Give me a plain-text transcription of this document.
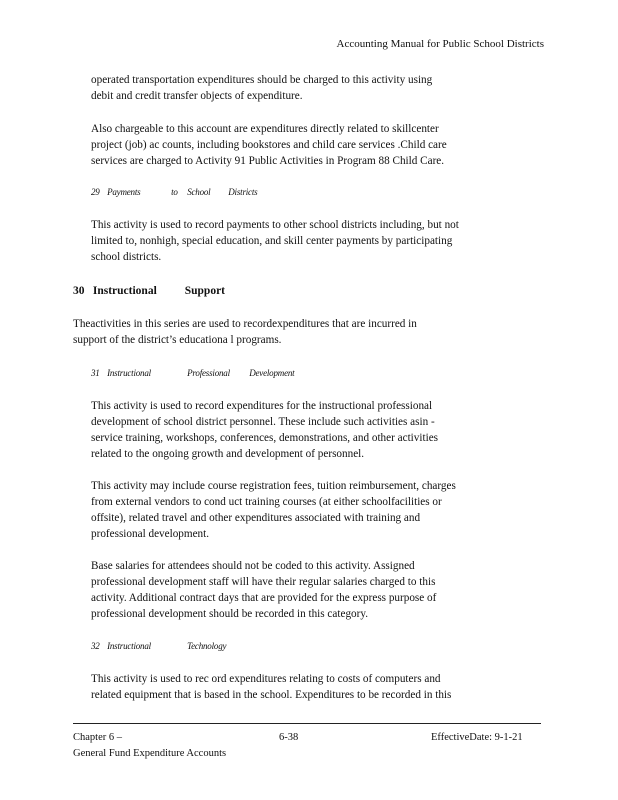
Accounting Manual for Public School Districts
operated transportation expenditures should be charged to this activity using
debit and credit transfer objects of expenditure.
Also chargeable to this account are expenditures directly related to skillcenter
project (job) ac counts, including bookstores and child care services .Child care
services are charged to Activity 91 Public Activities in Program 88 Child Care.
29 Payments	to School Districts
This activity is used to record payments to other school districts including, but not
limited to, nonhigh, special education, and skill center payments by participating
school districts.
30 Instructional Support
Theactivities in this series are used to recordexpenditures that are incurred in
support of the district’s educationa l programs.
31 Instructional	Professional Development
This activity is used to record expenditures for the instructional professional
development of school district personnel. These include such activities asin -
service training, workshops, conferences, demonstrations, and other activities
related to the ongoing growth and development of personnel.
This activity may include course registration fees, tuition reimbursement, charges
from external vendors to cond uct training courses (at either schoolfacilities or
offsite), related travel and other expenditures associated with training and
professional development.
Base salaries for attendees should not be coded to this activity. Assigned
professional development staff will have their regular salaries charged to this
activity. Additional contract days that are provided for the express purpose of
professional development should be recorded in this category.
32 Instructional	Technology
This activity is used to rec ord expenditures relating to costs of computers and
related equipment that is based in the school. Expenditures to be recorded in this
Chapter 6 –
General Fund Expenditure Accounts
6-38	EffectiveDate: 9-1-21
